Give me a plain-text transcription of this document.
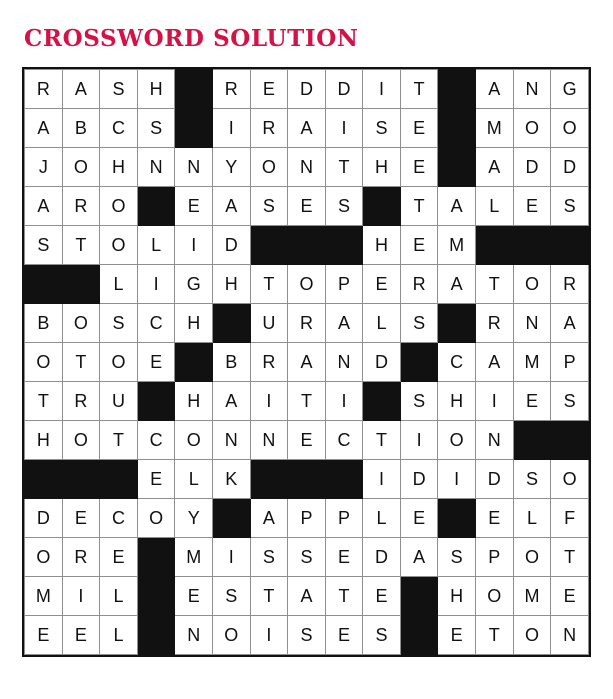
CROSSWORD SOLUTION
R	A	S	H		R	E	D	D	I	T		A	N	G
A	B	C	S		I	R	A	I	S	E		M	O	O
J	O	H	N	N	Y	O	N	T	H	E		A	D	D
A	R	O		E	A	S	E	S		T	A	L	E	S
S	T	O	L	I	D				H	E	M			
		L	I	G	H	T	O	P	E	R	A	T	O	R
B	O	S	C	H		U	R	A	L	S		R	N	A
O	T	O	E		B	R	A	N	D		C	A	M	P
T	R	U		H	A	I	T	I		S	H	I	E	S
H	O	T	C	O	N	N	E	C	T	I	O	N		
			E	L	K				I	D	I	D	S	O
D	E	C	O	Y		A	P	P	L	E		E	L	F
O	R	E		M	I	S	S	E	D	A	S	P	O	T
M	I	L		E	S	T	A	T	E		H	O	M	E
E	E	L		N	O	I	S	E	S		E	T	O	N
